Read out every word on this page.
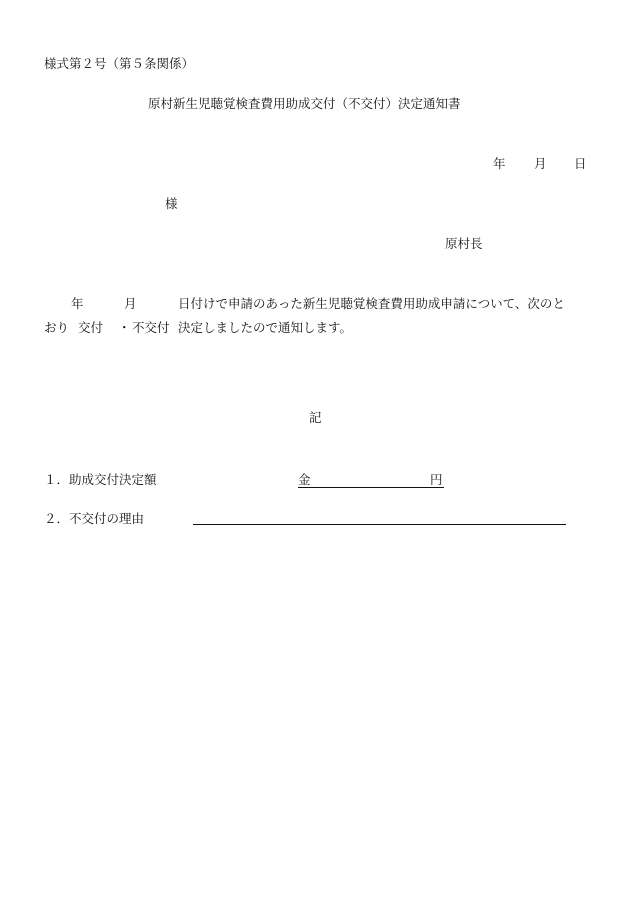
様式第２号（第５条関係）
原村新生児聴覚検査費用助成交付（不交付）決定通知書
年 月 日
様
原村長
年	月	日付けで申請のあった新生児聴覚検査費用助成申請について、次のと
おり 交付 ・ 不交付 決定しましたので通知します。
記
１．助成交付決定額	金	円
２．不交付の理由
